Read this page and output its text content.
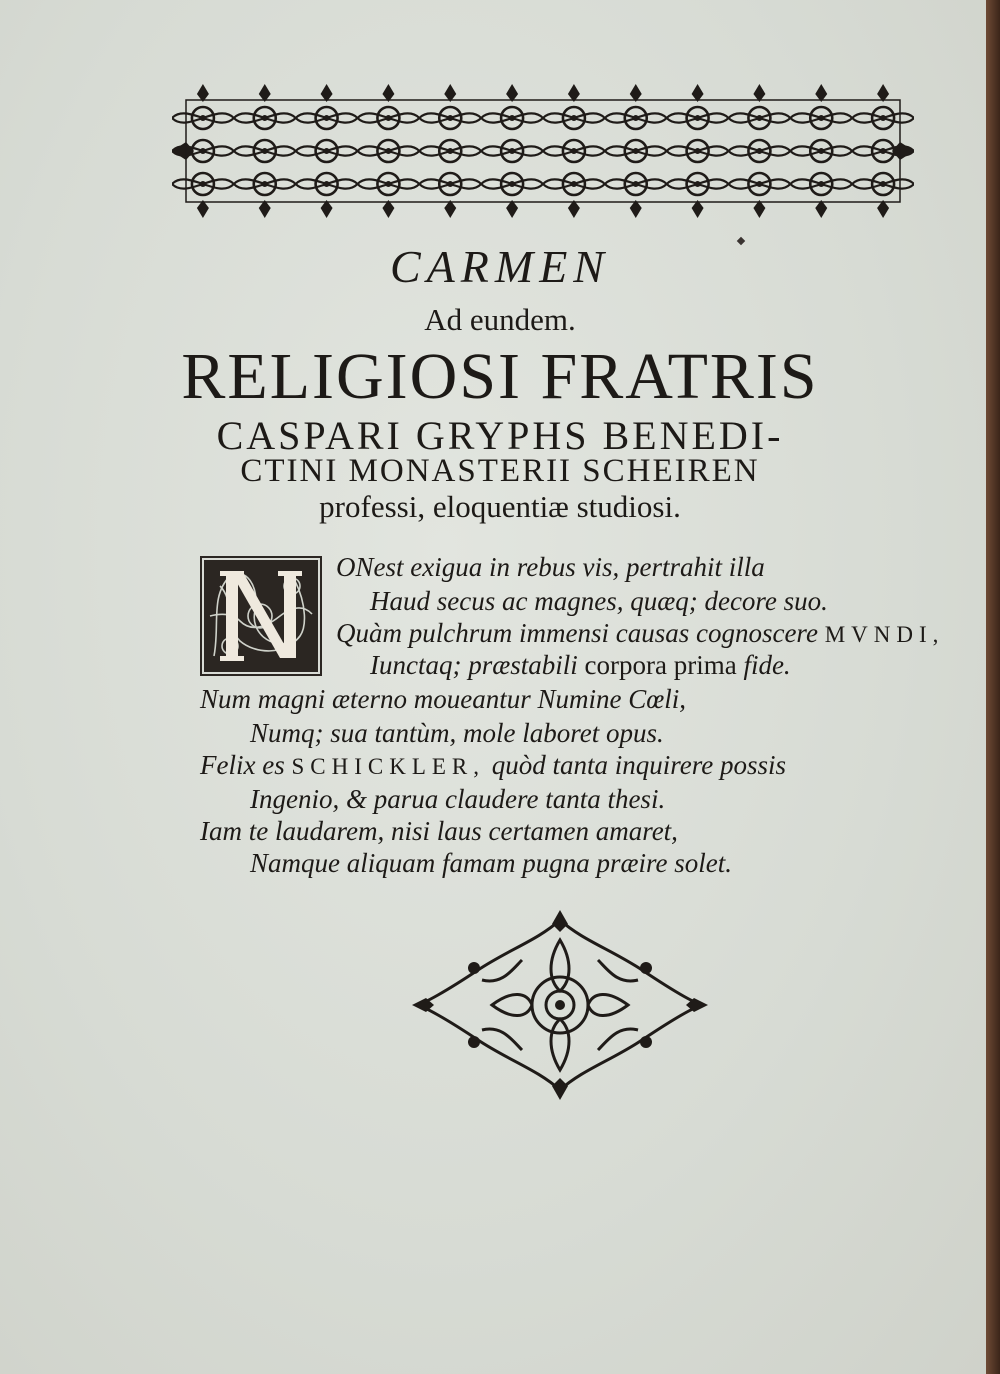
CARMEN
Ad eundem.
RELIGIOSI FRATRIS
CASPARI GRYPHS BENEDI-
CTINI MONASTERII SCHEIREN
professi, eloquentiæ studiosi.
ONest exigua in rebus vis, pertrahit illa
Haud secus ac magnes, quæq; decore suo.
Quàm pulchrum immensi causas cognoscere MVNDI,
Iunctaq; præstabili corpora prima fide.
Num magni æterno moueantur Numine Cœli,
Numq; sua tantùm, mole laboret opus.
Felix es SCHICKLER, quòd tanta inquirere possis
Ingenio, & parua claudere tanta thesi.
Iam te laudarem, nisi laus certamen amaret,
Namque aliquam famam pugna præire solet.
